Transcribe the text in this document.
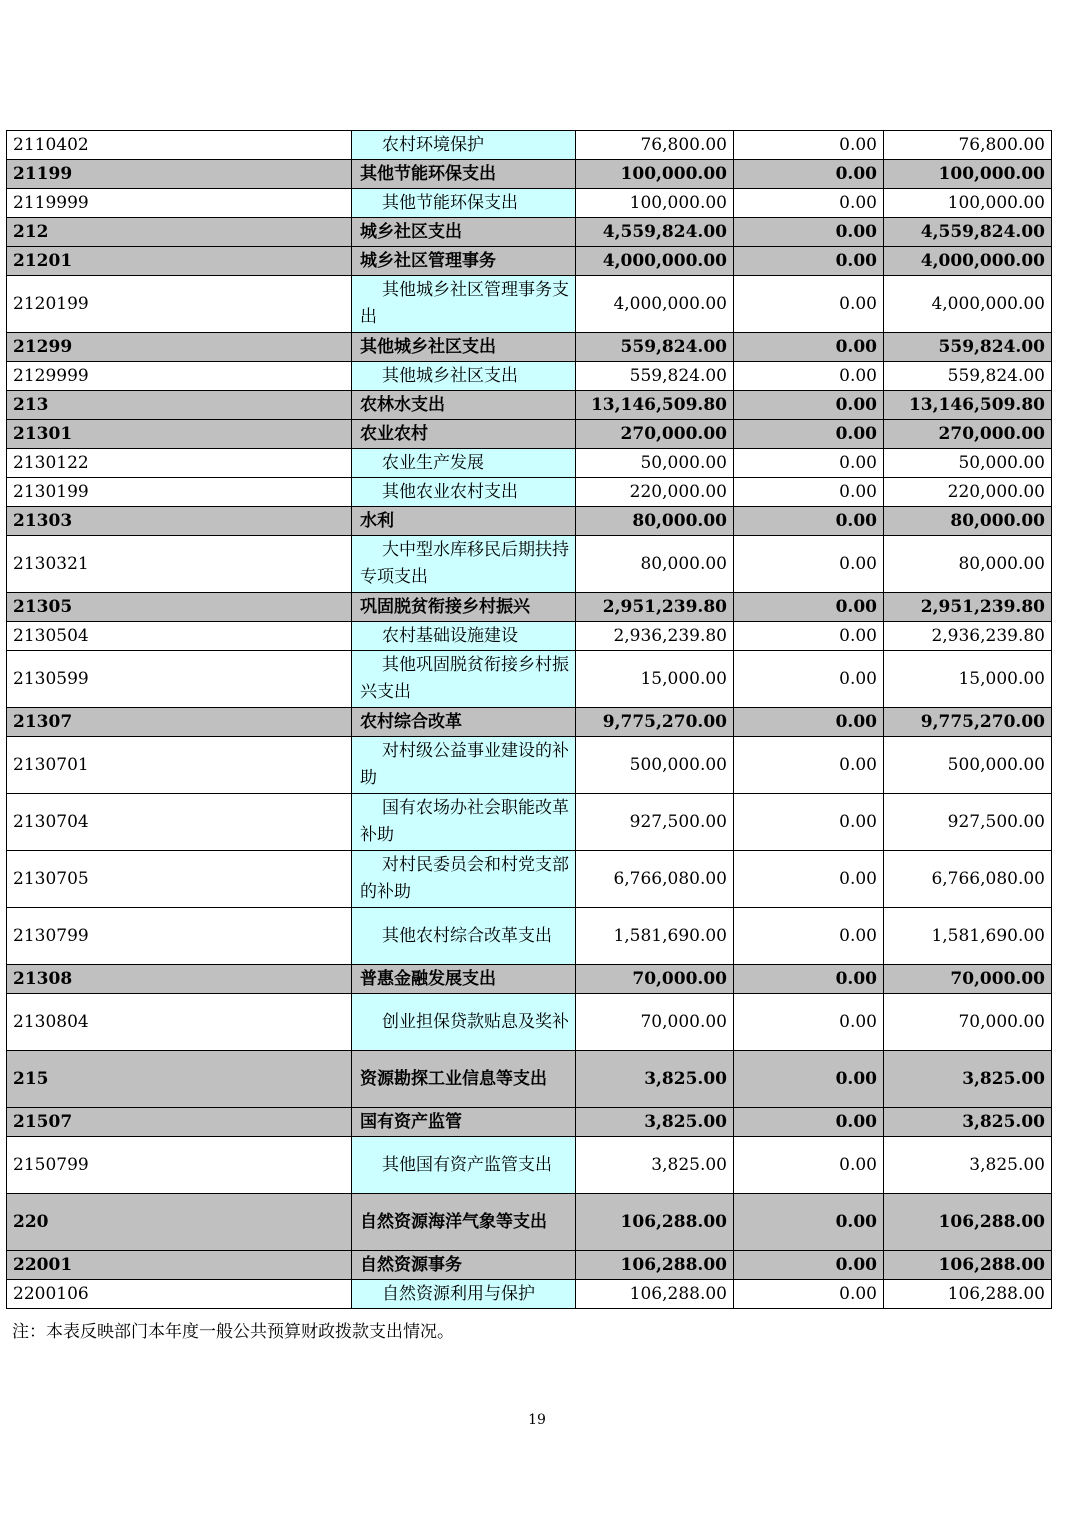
2110402	农村环境保护	76,800.00	0.00	76,800.00
21199	其他节能环保支出	100,000.00	0.00	100,000.00
2119999	其他节能环保支出	100,000.00	0.00	100,000.00
212	城乡社区支出	4,559,824.00	0.00	4,559,824.00
21201	城乡社区管理事务	4,000,000.00	0.00	4,000,000.00
2120199	其他城乡社区管理事务支出	4,000,000.00	0.00	4,000,000.00
21299	其他城乡社区支出	559,824.00	0.00	559,824.00
2129999	其他城乡社区支出	559,824.00	0.00	559,824.00
213	农林水支出	13,146,509.80	0.00	13,146,509.80
21301	农业农村	270,000.00	0.00	270,000.00
2130122	农业生产发展	50,000.00	0.00	50,000.00
2130199	其他农业农村支出	220,000.00	0.00	220,000.00
21303	水利	80,000.00	0.00	80,000.00
2130321	大中型水库移民后期扶持专项支出	80,000.00	0.00	80,000.00
21305	巩固脱贫衔接乡村振兴	2,951,239.80	0.00	2,951,239.80
2130504	农村基础设施建设	2,936,239.80	0.00	2,936,239.80
2130599	其他巩固脱贫衔接乡村振兴支出	15,000.00	0.00	15,000.00
21307	农村综合改革	9,775,270.00	0.00	9,775,270.00
2130701	对村级公益事业建设的补助	500,000.00	0.00	500,000.00
2130704	国有农场办社会职能改革补助	927,500.00	0.00	927,500.00
2130705	对村民委员会和村党支部的补助	6,766,080.00	0.00	6,766,080.00
2130799	其他农村综合改革支出	1,581,690.00	0.00	1,581,690.00
21308	普惠金融发展支出	70,000.00	0.00	70,000.00
2130804	创业担保贷款贴息及奖补	70,000.00	0.00	70,000.00
215	资源勘探工业信息等支出	3,825.00	0.00	3,825.00
21507	国有资产监管	3,825.00	0.00	3,825.00
2150799	其他国有资产监管支出	3,825.00	0.00	3,825.00
220	自然资源海洋气象等支出	106,288.00	0.00	106,288.00
22001	自然资源事务	106,288.00	0.00	106,288.00
2200106	自然资源利用与保护	106,288.00	0.00	106,288.00
注：本表反映部门本年度一般公共预算财政拨款支出情况。
19
